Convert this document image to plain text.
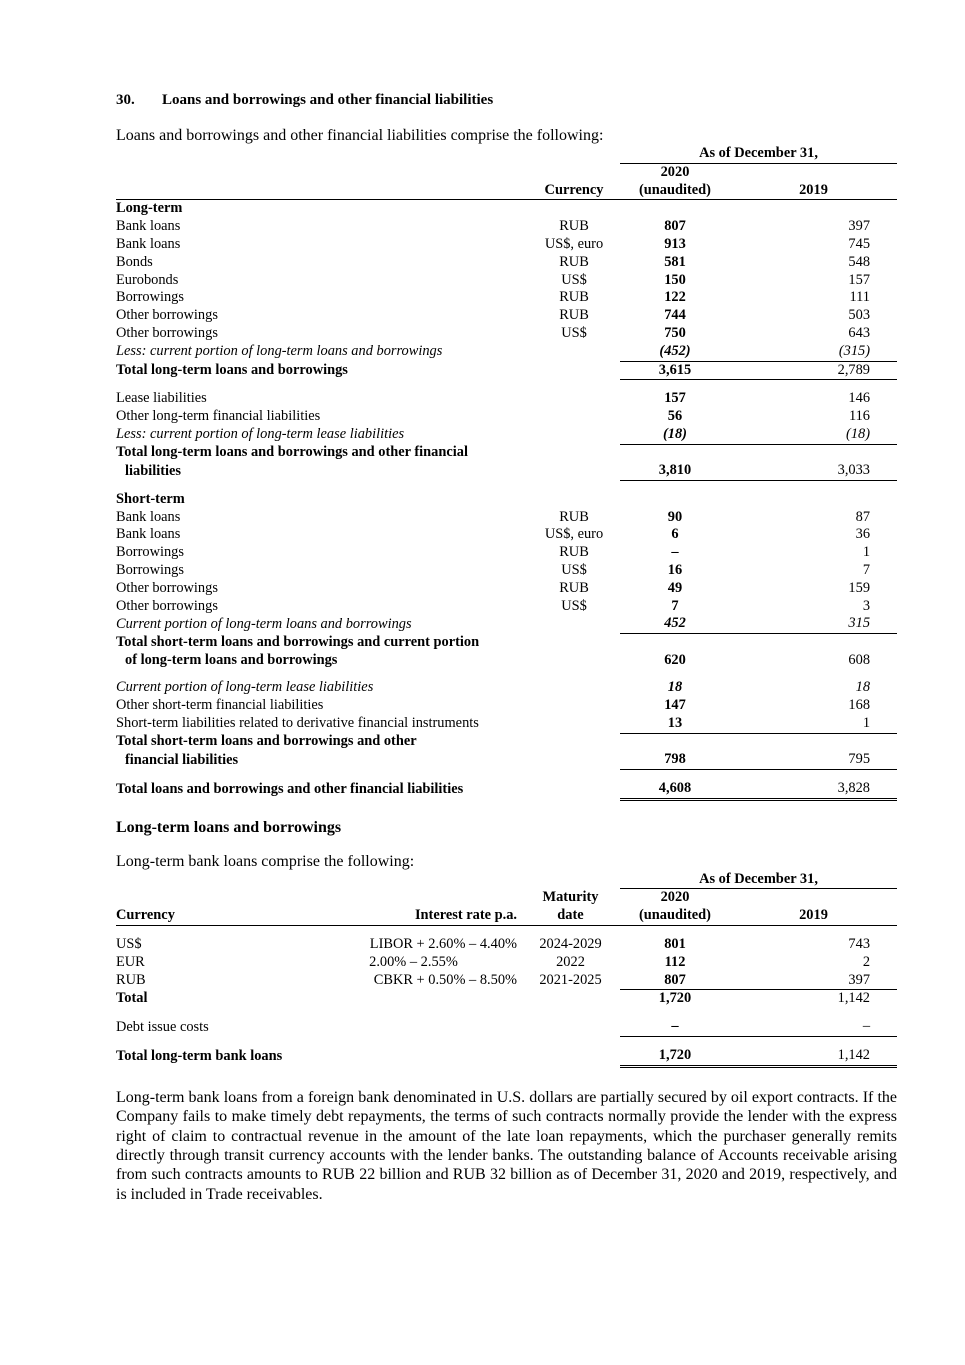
30.	Loans and borrowings and other financial liabilities

Loans and borrowings and other financial liabilities comprise the following:

		As of December 31,	
		2020	
	Currency	(unaudited)	2019
Long-term			
Bank loans	RUB	807	397
Bank loans	US$, euro	913	745
Bonds	RUB	581	548
Eurobonds	US$	150	157
Borrowings	RUB	122	111
Other borrowings	RUB	744	503
Other borrowings	US$	750	643
Less: current portion of long-term loans and borrowings		(452)	(315)
Total long-term loans and borrowings		3,615	2,789

Lease liabilities		157	146
Other long-term financial liabilities		56	116
Less: current portion of long-term lease liabilities		(18)	(18)
Total long-term loans and borrowings and other financial			
liabilities		3,810	3,033

Short-term			
Bank loans	RUB	90	87
Bank loans	US$, euro	6	36
Borrowings	RUB	–	1
Borrowings	US$	16	7
Other borrowings	RUB	49	159
Other borrowings	US$	7	3
Current portion of long-term loans and borrowings		452	315
Total short-term loans and borrowings and current portion			
of long-term loans and borrowings		620	608

Current portion of long-term lease liabilities		18	18
Other short-term financial liabilities		147	168
Short-term liabilities related to derivative financial instruments		13	1
Total short-term loans and borrowings and other			
financial liabilities		798	795

Total loans and borrowings and other financial liabilities		4,608	3,828
Long-term loans and borrowings

Long-term bank loans comprise the following:

			As of December 31,	
		Maturity	2020	
Currency	Interest rate p.a.	date	(unaudited)	2019

US$	LIBOR + 2.60% – 4.40%	2024-2029	801	743
EUR	2.00% – 2.55%	2022	112	2
RUB	CBKR + 0.50% – 8.50%	2021-2025	807	397
Total			1,720	1,142

Debt issue costs			–	–

Total long-term bank loans			1,720	1,142

Long-term bank loans from a foreign bank denominated in U.S. dollars are partially secured by oil export contracts. If the Company fails to make timely debt repayments, the terms of such contracts normally provide the lender with the express right of claim to contractual revenue in the amount of the late loan repayments, which the purchaser generally remits directly through transit currency accounts with the lender banks. The outstanding balance of Accounts receivable arising from such contracts amounts to RUB 22 billion and RUB 32 billion as of December 31, 2020 and 2019, respectively, and is included in Trade receivables.
